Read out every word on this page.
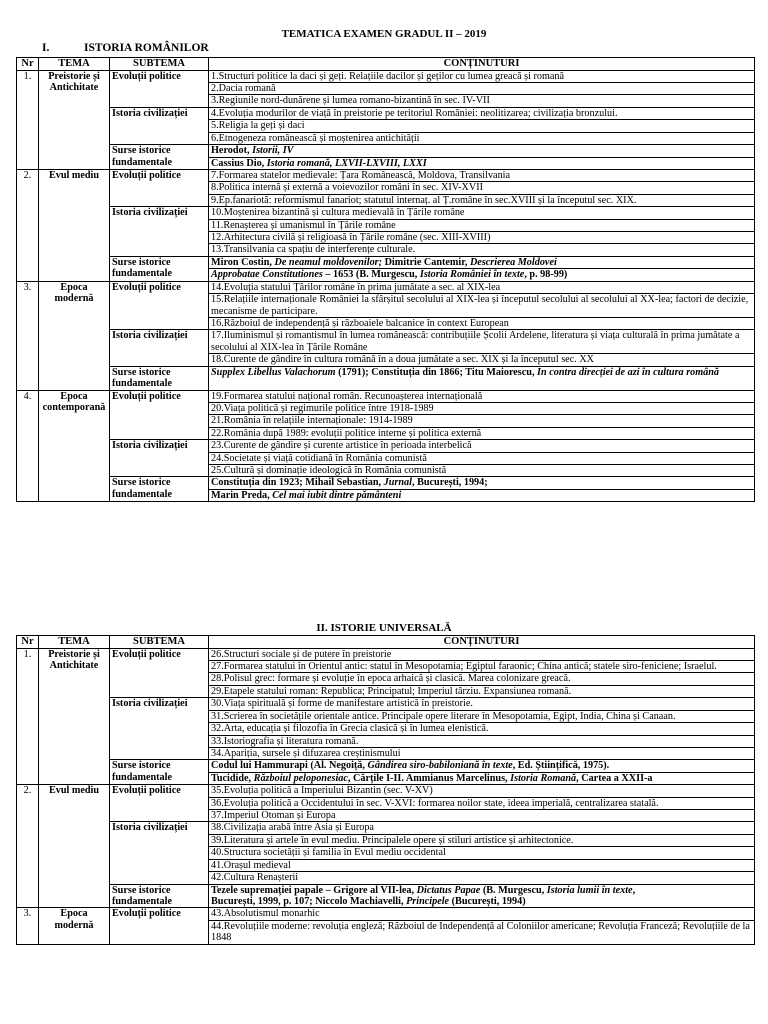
TEMATICA EXAMEN GRADUL II – 2019
I.	ISTORIA ROMÂNILOR
Nr	TEMA	SUBTEMA	CONȚINUTURI
1.	Preistorie și Antichitate	Evoluții politice	1.Structuri politice la daci și geți. Relațiile dacilor și geților cu lumea greacă și romană
			2.Dacia romană
			3.Regiunile nord-dunărene și lumea romano-bizantină în sec. IV-VII
		Istoria civilizației	4.Evoluția modurilor de viață în preistorie pe teritoriul României: neolitizarea; civilizația bronzului.
			5.Religia la geți și daci
			6.Etnogeneza românească și moștenirea antichității
		Surse istorice fundamentale	Herodot, Istorii, IV
			Cassius Dio, Istoria romană, LXVII-LXVIII, LXXI
2.	Evul mediu	Evoluții politice	7.Formarea statelor medievale: Țara Românească, Moldova, Transilvania
			8.Politica internă și externă a voievozilor români în sec. XIV-XVII
			9.Ep.fanariotă: reformismul fanariot; statutul internaț. al Ț.române în sec.XVIII și la începutul sec. XIX.
		Istoria civilizației	10.Moștenirea bizantină și cultura medievală în Țările române
			11.Renașterea și umanismul în Țările române
			12.Arhitectura civilă și religioasă în Țările române (sec. XIII-XVIII)
			13.Transilvania ca spațiu de interferențe culturale.
		Surse istorice fundamentale	Miron Costin, De neamul moldovenilor; Dimitrie Cantemir, Descrierea Moldovei
			Approbatae Constitutiones – 1653 (B. Murgescu, Istoria României în texte, p. 98-99)
3.	Epoca modernă	Evoluții politice	14.Evoluția statului Țărilor române în prima jumătate a sec. al XIX-lea
			15.Relațiile internaționale României la sfârșitul secolului al XIX-lea și începutul secolului al secolului al XX-lea; factori de decizie, mecanisme de participare.
			16.Războiul de independență și războaiele balcanice în context European
		Istoria civilizației	17.Iluminismul și romantismul în lumea românească: contribuțiile Școlii Ardelene, literatura și viața culturală în prima jumătate a secolului al XIX-lea în Țările Române
			18.Curente de gândire în cultura română în a doua jumătate a sec. XIX și la începutul sec. XX
		Surse istorice fundamentale	Supplex Libellus Valachorum (1791); Constituția din 1866; Titu Maiorescu, In contra direcției de azi în cultura română
4.	Epoca contemporană	Evoluții politice	19.Formarea statului național român. Recunoașterea internațională
			20.Viața politică și regimurile politice între 1918-1989
			21.România în relațiile internaționale: 1914-1989
			22.România după 1989: evoluții politice interne și politica externă
		Istoria civilizației	23.Curente de gândire și curente artistice în perioada interbelică
			24.Societate și viață cotidiană în România comunistă
			25.Cultură și dominație ideologică în România comunistă
		Surse istorice fundamentale	Constituția din 1923; Mihail Sebastian, Jurnal, București, 1994;
			Marin Preda, Cel mai iubit dintre pământeni
II. ISTORIE UNIVERSALĂ
Nr	TEMA	SUBTEMA	CONȚINUTURI
1.	Preistorie și Antichitate	Evoluții politice	26.Structuri sociale și de putere în preistorie
			27.Formarea statului în Orientul antic: statul în Mesopotamia; Egiptul faraonic; China antică; statele siro-feniciene; Israelul.
			28.Polisul grec: formare și evoluție în epoca arhaică și clasică. Marea colonizare greacă.
			29.Etapele statului roman: Republica; Principatul; Imperiul târziu. Expansiunea romană.
		Istoria civilizației	30.Viața spirituală și forme de manifestare artistică în preistorie.
			31.Scrierea în societățile orientale antice. Principale opere literare în Mesopotamia, Egipt, India, China și Canaan.
			32.Arta, educația și filozofia în Grecia clasică și în lumea elenistică.
			33.Istoriografia și literatura romană.
			34.Apariția, sursele și difuzarea creștinismului
		Surse istorice fundamentale	Codul lui Hammurapi (Al. Negoiță, Gândirea siro-babiloniană în texte, Ed. Științifică, 1975).
			Tucidide, Războiul peloponesiac, Cărțile I-II. Ammianus Marcelinus, Istoria Romană, Cartea a XXII-a
2.	Evul mediu	Evoluții politice	35.Evoluția politică a Imperiului Bizantin (sec. V-XV)
			36.Evoluția politică a Occidentului în sec. V-XVI: formarea noilor state, ideea imperială, centralizarea statală.
			37.Imperiul Otoman și Europa
		Istoria civilizației	38.Civilizația arabă între Asia și Europa
			39.Literatura și artele în evul mediu. Principalele opere și stiluri artistice și arhitectonice.
			40.Structura societății și familia în Evul mediu occidental
			41.Orașul medieval
			42.Cultura Renașterii
		Surse istorice fundamentale	Tezele supremației papale – Grigore al VII-lea, Dictatus Papae (B. Murgescu, Istoria lumii în texte,
București, 1999, p. 107; Niccolo Machiavelli, Principele (București, 1994)
3.	Epoca modernă	Evoluții politice	43.Absolutismul monarhic
			44.Revoluțiile moderne: revoluția engleză; Războiul de Independență al Coloniilor americane; Revoluția Franceză; Revoluțiile de la 1848
